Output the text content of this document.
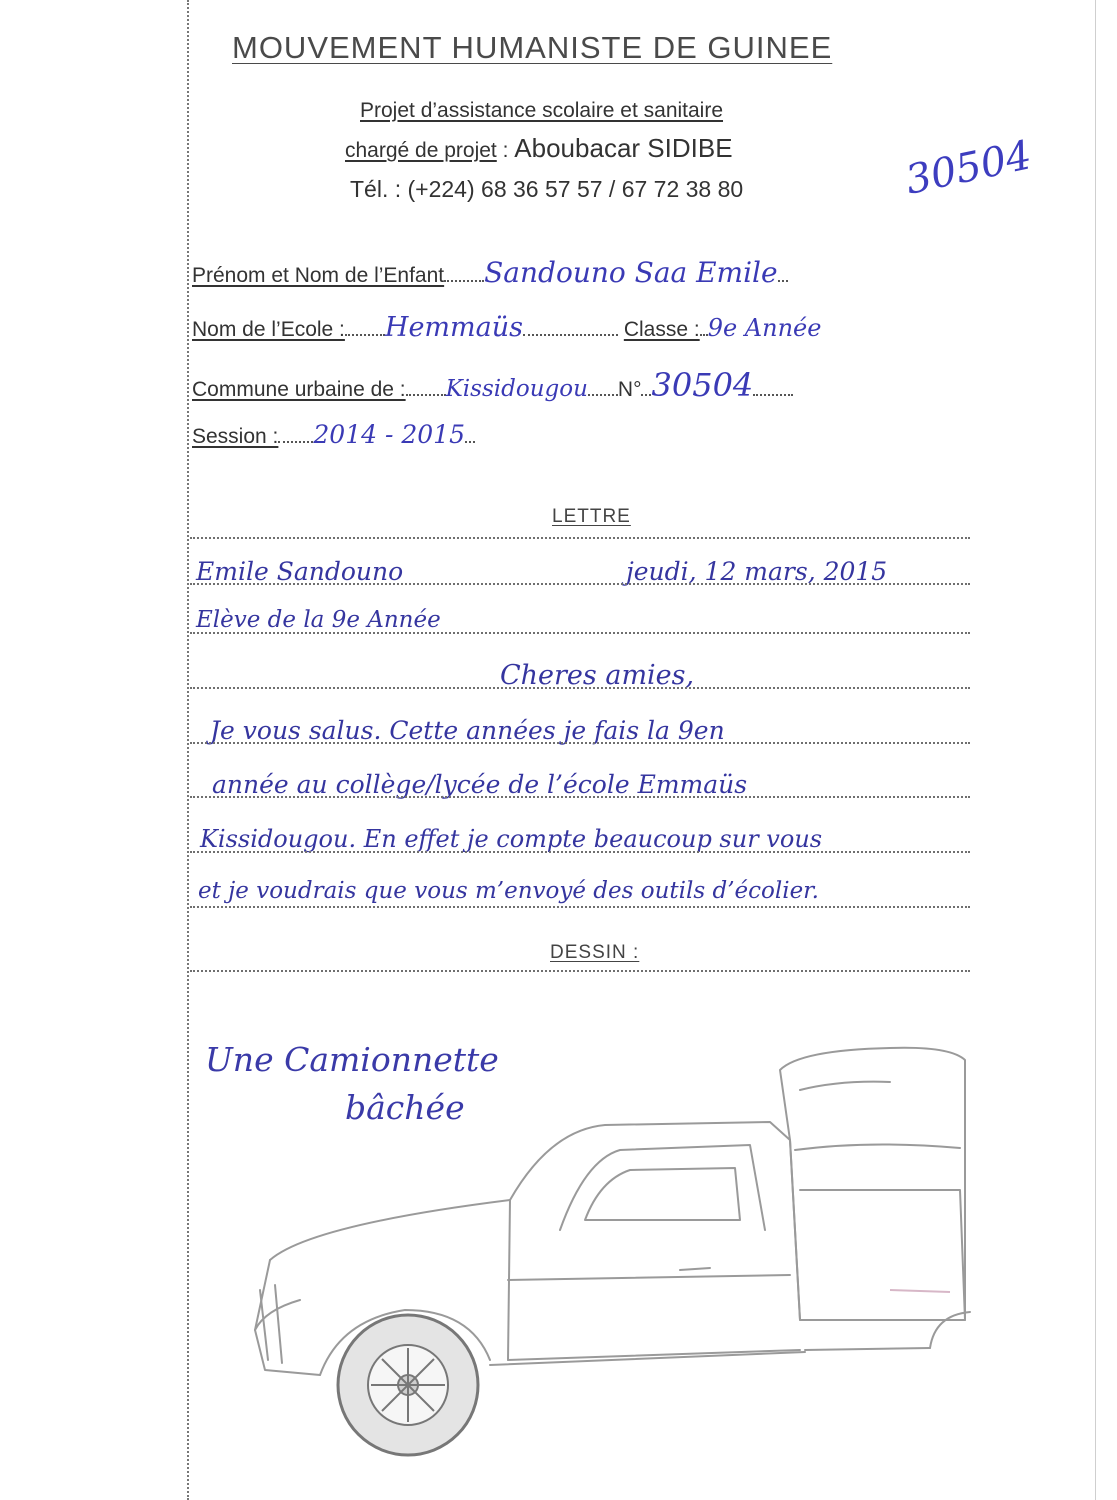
MOUVEMENT HUMANISTE DE GUINEE
Projet d’assistance scolaire et sanitaire
chargé de projet : Aboubacar SIDIBE
Tél. : (+224) 68 36 57 57 / 67 72 38 80	30504
Prénom et Nom de l’Enfant Sandouno Saa Emile
Nom de l’Ecole : Hemmaüs	Classe : 9e Année
Commune urbaine de : Kissidougou N° 30504
Session : 2014 - 2015
LETTRE
Emile Sandouno	jeudi, 12 mars, 2015
Elève de la 9e Année
Cheres amies,
Je vous salus. Cette années je fais la 9en
année au collège/lycée de l’école Emmaüs
Kissidougou. En effet je compte beaucoup sur vous
et je voudrais que vous m’envoyé des outils d’écolier.
DESSIN :
Une Camionnette
bâchée
